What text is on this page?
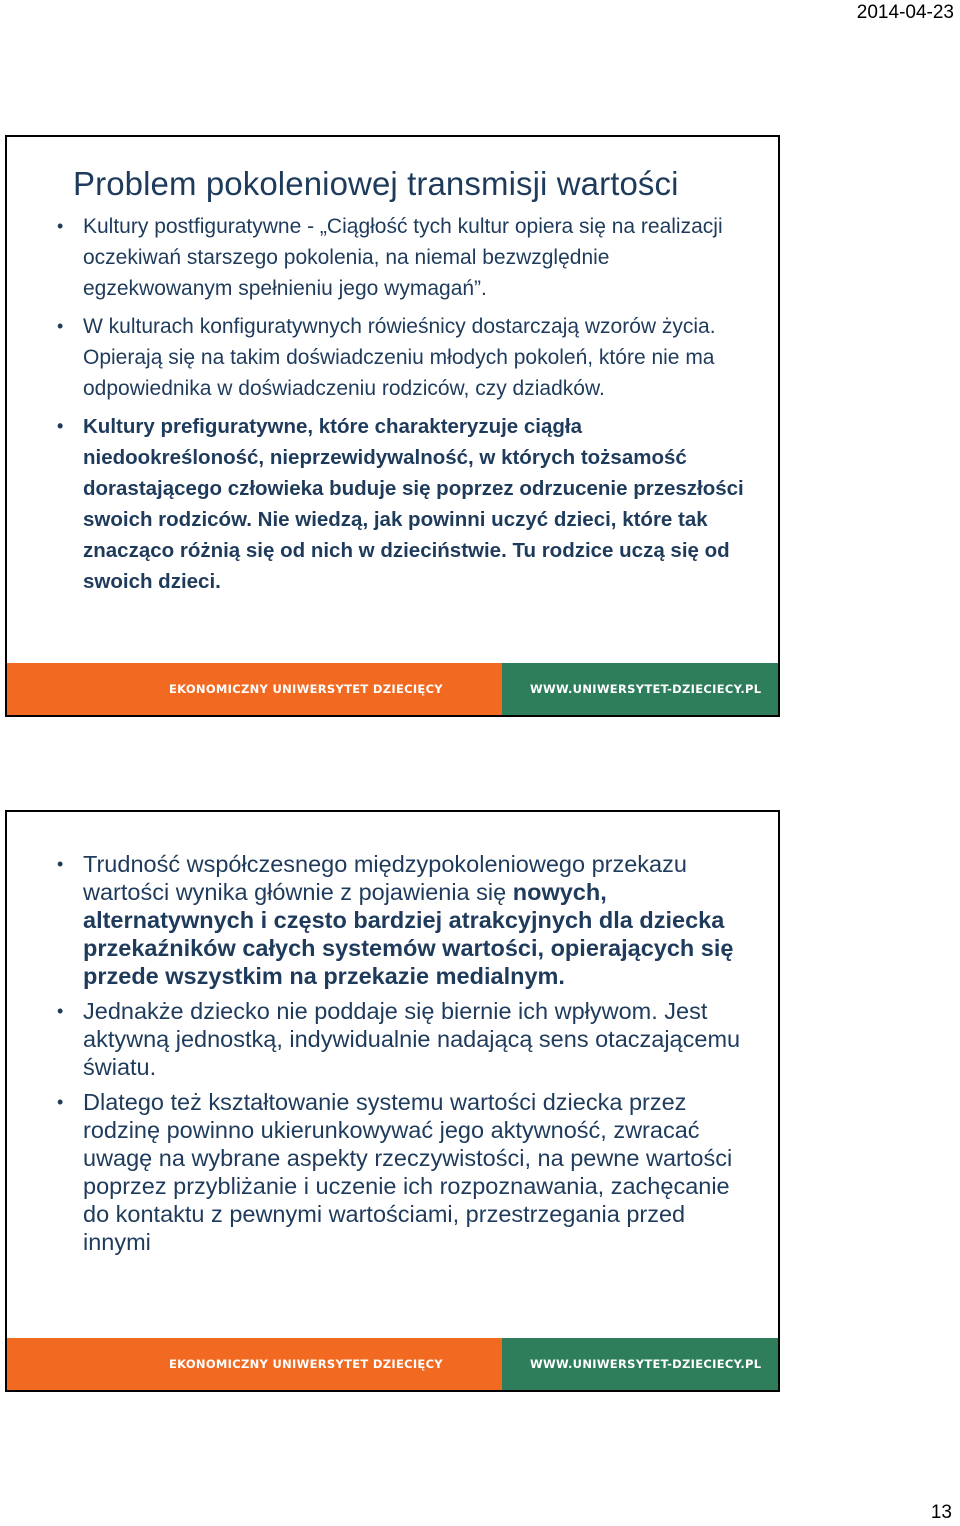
2014-04-23
Problem pokoleniowej transmisji wartości
• Kultury postfiguratywne - „Ciągłość tych kultur opiera się na realizacji oczekiwań starszego pokolenia, na niemal bezwzględnie egzekwowanym spełnieniu jego wymagań”.
• W kulturach konfiguratywnych rówieśnicy dostarczają wzorów życia. Opierają się na takim doświadczeniu młodych pokoleń, które nie ma odpowiednika w doświadczeniu rodziców, czy dziadków.
• Kultury prefiguratywne, które charakteryzuje ciągła niedookreśloność, nieprzewidywalność, w których tożsamość dorastającego człowieka buduje się poprzez odrzucenie przeszłości swoich rodziców. Nie wiedzą, jak powinni uczyć dzieci, które tak znacząco różnią się od nich w dzieciństwie. Tu rodzice uczą się od swoich dzieci.
EKONOMICZNY UNIWERSYTET DZIECIĘCY	WWW.UNIWERSYTET-DZIECIECY.PL
• Trudność współczesnego międzypokoleniowego przekazu wartości wynika głównie z pojawienia się nowych, alternatywnych i często bardziej atrakcyjnych dla dziecka przekaźników całych systemów wartości, opierających się przede wszystkim na przekazie medialnym.
• Jednakże dziecko nie poddaje się biernie ich wpływom. Jest aktywną jednostką, indywidualnie nadającą sens otaczającemu światu.
• Dlatego też kształtowanie systemu wartości dziecka przez rodzinę powinno ukierunkowywać jego aktywność, zwracać uwagę na wybrane aspekty rzeczywistości, na pewne wartości poprzez przybliżanie i uczenie ich rozpoznawania, zachęcanie do kontaktu z pewnymi wartościami, przestrzegania przed innymi
EKONOMICZNY UNIWERSYTET DZIECIĘCY	WWW.UNIWERSYTET-DZIECIECY.PL
13
